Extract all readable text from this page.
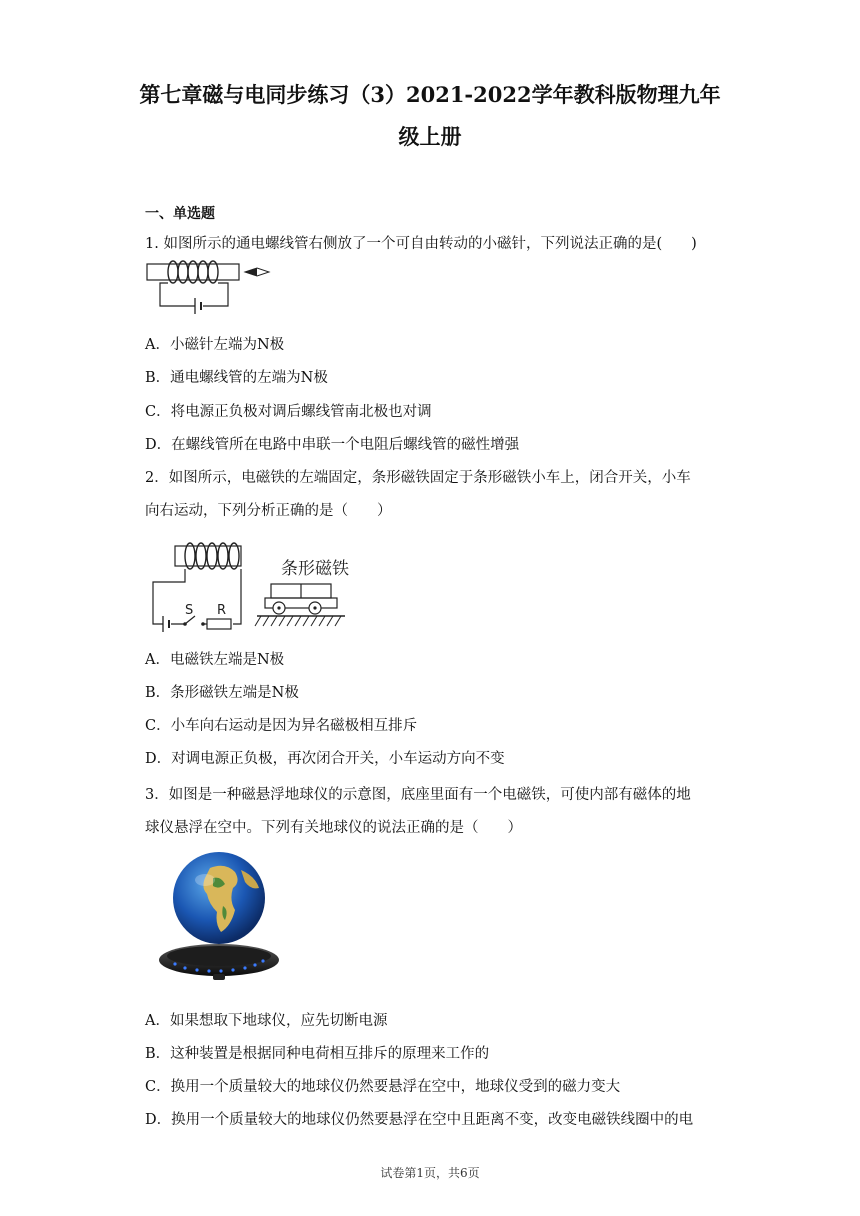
第七章磁与电同步练习（3）2021-2022学年教科版物理九年
级上册
一、单选题
1. 如图所示的通电螺线管右侧放了一个可自由转动的小磁针，下列说法正确的是(　　)
A．小磁针左端为N极
B．通电螺线管的左端为N极
C．将电源正负极对调后螺线管南北极也对调
D．在螺线管所在电路中串联一个电阻后螺线管的磁性增强
2．如图所示，电磁铁的左端固定，条形磁铁固定于条形磁铁小车上，闭合开关，小车
向右运动，下列分析正确的是（　　）
S R
条形磁铁
A．电磁铁左端是N极
B．条形磁铁左端是N极
C．小车向右运动是因为异名磁极相互排斥
D．对调电源正负极，再次闭合开关，小车运动方向不变
3．如图是一种磁悬浮地球仪的示意图，底座里面有一个电磁铁，可使内部有磁体的地
球仪悬浮在空中。下列有关地球仪的说法正确的是（　　）
A．如果想取下地球仪，应先切断电源
B．这种装置是根据同种电荷相互排斥的原理来工作的
C．换用一个质量较大的地球仪仍然要悬浮在空中，地球仪受到的磁力变大
D．换用一个质量较大的地球仪仍然要悬浮在空中且距离不变，改变电磁铁线圈中的电
试卷第1页，共6页
